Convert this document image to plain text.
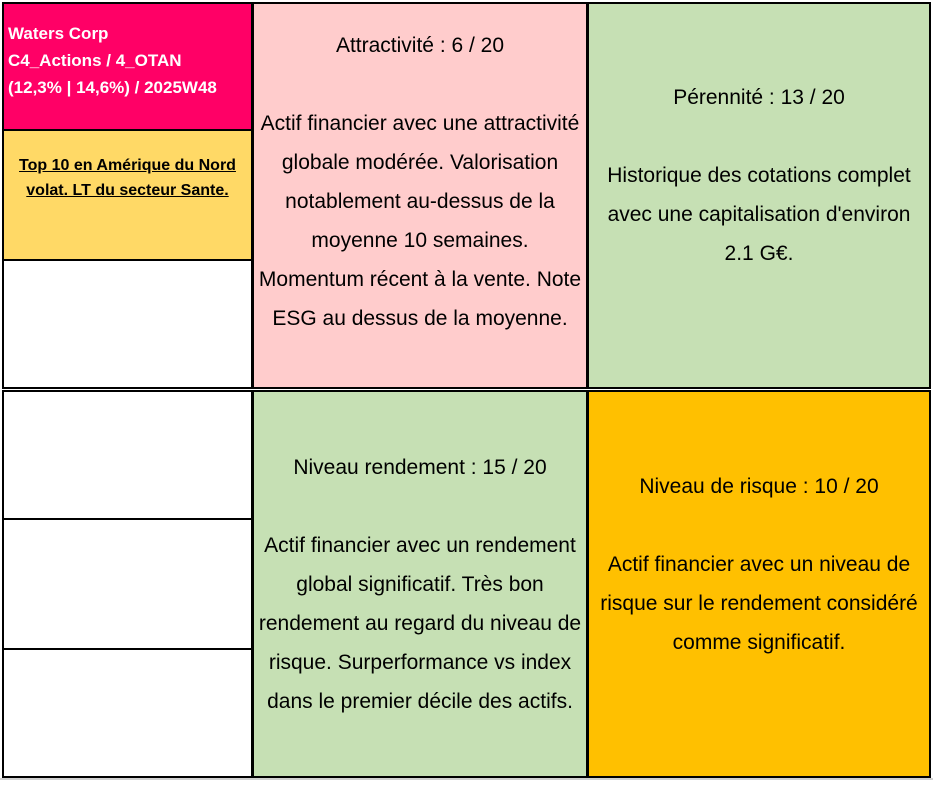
Waters Corp
C4_Actions / 4_OTAN
(12,3% | 14,6%) / 2025W48
Top 10 en Amérique du Nord volat. LT du secteur Sante.

Attractivité : 6 / 20

Actif financier avec une attractivité globale modérée. Valorisation notablement au-dessus de la moyenne 10 semaines. Momentum récent à la vente. Note ESG au dessus de la moyenne.

Pérennité : 13 / 20

Historique des cotations complet avec une capitalisation d'environ 2.1 G€.

Niveau rendement : 15 / 20

Actif financier avec un rendement global significatif. Très bon rendement au regard du niveau de risque. Surperformance vs index dans le premier décile des actifs.

Niveau de risque : 10 / 20

Actif financier avec un niveau de risque sur le rendement considéré comme significatif.
